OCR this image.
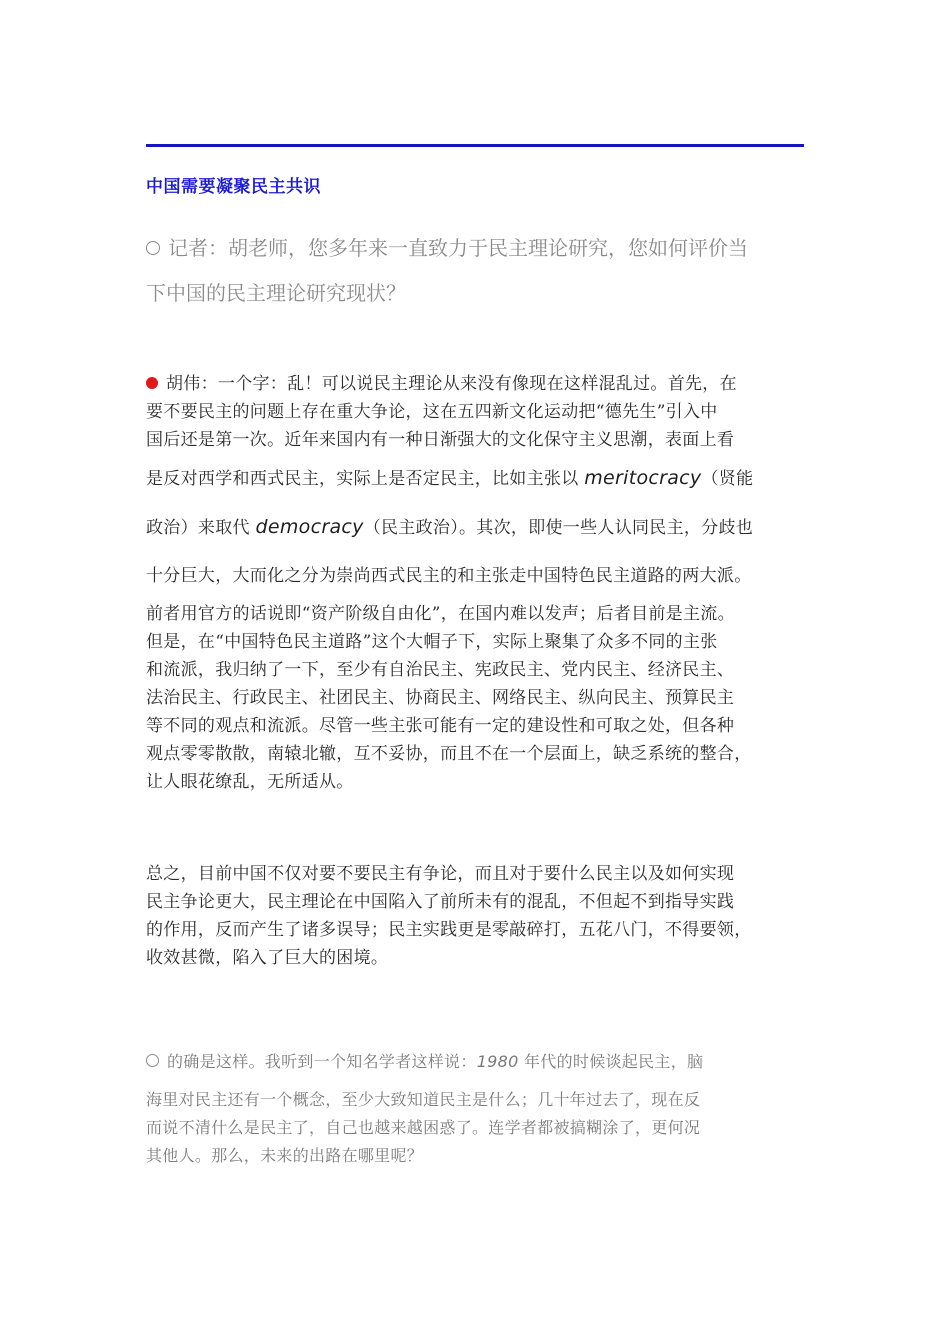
中国需要凝聚民主共识
记者：胡老师，您多年来一直致力于民主理论研究，您如何评价当
下中国的民主理论研究现状？
胡伟：一个字：乱！可以说民主理论从来没有像现在这样混乱过。首先，在
要不要民主的问题上存在重大争论，这在五四新文化运动把“德先生”引入中
国后还是第一次。近年来国内有一种日渐强大的文化保守主义思潮，表面上看
是反对西学和西式民主，实际上是否定民主，比如主张以 meritocracy（贤能
政治）来取代 democracy（民主政治）。其次，即使一些人认同民主，分歧也
十分巨大，大而化之分为崇尚西式民主的和主张走中国特色民主道路的两大派。
前者用官方的话说即“资产阶级自由化”，在国内难以发声；后者目前是主流。
但是，在“中国特色民主道路”这个大帽子下，实际上聚集了众多不同的主张
和流派，我归纳了一下，至少有自治民主、宪政民主、党内民主、经济民主、
法治民主、行政民主、社团民主、协商民主、网络民主、纵向民主、预算民主
等不同的观点和流派。尽管一些主张可能有一定的建设性和可取之处，但各种
观点零零散散，南辕北辙，互不妥协，而且不在一个层面上，缺乏系统的整合，
让人眼花缭乱，无所适从。
总之，目前中国不仅对要不要民主有争论，而且对于要什么民主以及如何实现
民主争论更大，民主理论在中国陷入了前所未有的混乱，不但起不到指导实践
的作用，反而产生了诸多误导；民主实践更是零敲碎打，五花八门，不得要领，
收效甚微，陷入了巨大的困境。
的确是这样。我听到一个知名学者这样说：1980 年代的时候谈起民主，脑
海里对民主还有一个概念，至少大致知道民主是什么；几十年过去了，现在反
而说不清什么是民主了，自己也越来越困惑了。连学者都被搞糊涂了，更何况
其他人。那么，未来的出路在哪里呢？
